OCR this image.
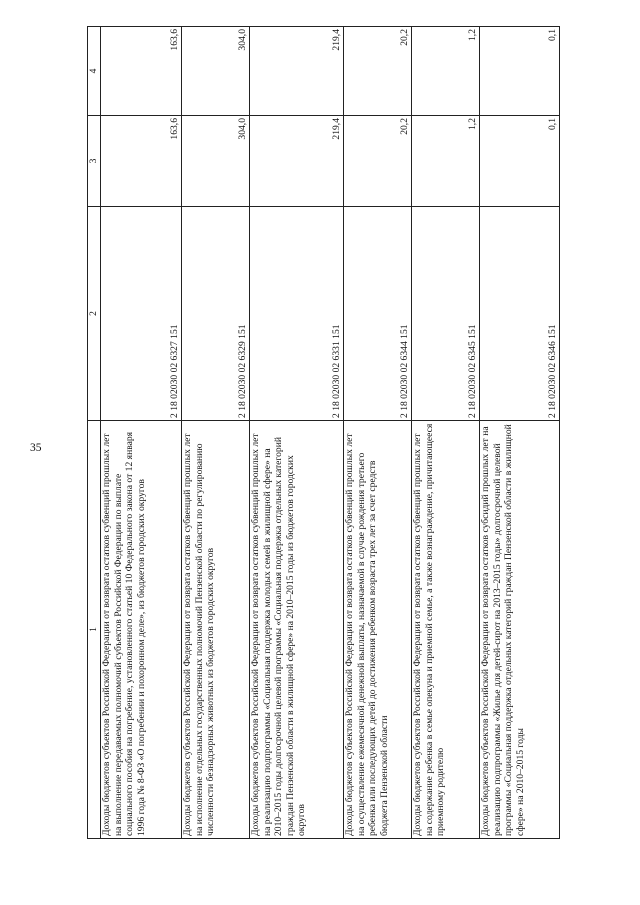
35
1	2	3	4
Доходы бюджетов субъектов Российской Федерации от возврата остатков субвенций прошлых лет на выполнение передаваемых полномочий субъектов Российской Федерации по выплате социального пособия на погребение, установленного статьей 10 Федерального закона от 12 января 1996 года № 8-ФЗ «О погребении и похоронном деле», из бюджетов городских округов	2 18 02030 02 6327 151	163,6	163,6
Доходы бюджетов субъектов Российской Федерации от возврата остатков субвенций прошлых лет на исполнение отдельных государственных полномочий Пензенской области по регулированию численности безнадзорных животных из бюджетов городских округов	2 18 02030 02 6329 151	304,0	304,0
Доходы бюджетов субъектов Российской Федерации от возврата остатков субвенций прошлых лет на реализацию подпрограммы «Социальная поддержка молодых семей в жилищной сфере» на 2010–2015 годы долгосрочной целевой программы «Социальная поддержка отдельных категорий граждан Пензенской области в жилищной сфере» на 2010–2015 годы из бюджетов городских округов	2 18 02030 02 6331 151	219,4	219,4
Доходы бюджетов субъектов Российской Федерации от возврата остатков субвенций прошлых лет на осуществление ежемесячной денежной выплаты, назначаемой в случае рождения третьего ребенка или последующих детей до достижения ребенком возраста трех лет за счет средств бюджета Пензенской области	2 18 02030 02 6344 151	20,2	20,2
Доходы бюджетов субъектов Российской Федерации от возврата остатков субвенций прошлых лет на содержание ребенка в семье опекуна и приемной семье, а также вознаграждение, причитающееся приемному родителю	2 18 02030 02 6345 151	1,2	1,2
Доходы бюджетов субъектов Российской Федерации от возврата остатков субсидий прошлых лет на реализацию подпрограммы «Жилье для детей-сирот на 2013–2015 годы» долгосрочной целевой программы «Социальная поддержка отдельных категорий граждан Пензенской области в жилищной сфере» на 2010–2015 годы	2 18 02030 02 6346 151	0,1	0,1
